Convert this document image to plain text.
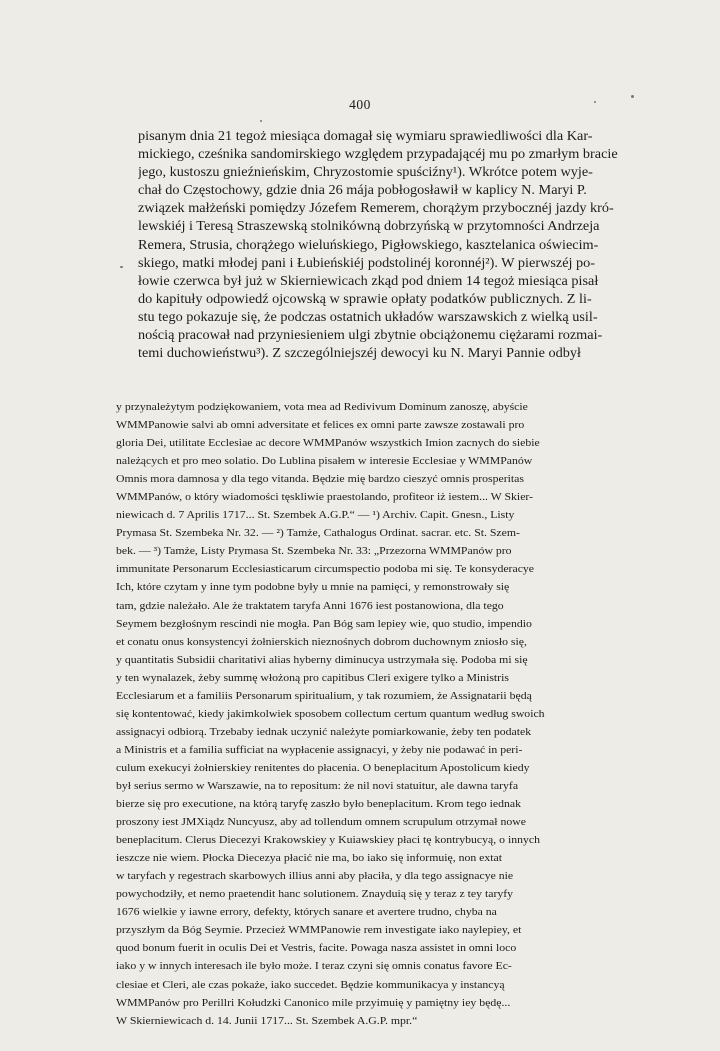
400
pisanym dnia 21 tegoż miesiąca domagał się wymiaru sprawiedliwości dla Kar-
mickiego, cześnika sandomirskiego względem przypadającéj mu po zmarłym bracie
jego, kustoszu gnieźnieńskim, Chryzostomie spuściźny¹). Wkrótce potem wyje-
chał do Częstochowy, gdzie dnia 26 mája pobłogosławił w kaplicy N. Maryi P.
związek małżeński pomiędzy Józefem Remerem, chorążym przybocznéj jazdy kró-
lewskiéj i Teresą Straszewską stolnikówną dobrzyńską w przytomności Andrzeja
Remera, Strusia, chorążego wieluńskiego, Pigłowskiego, kasztelanica oświecim-
skiego, matki młodej pani i Łubieńskiéj podstolinéj koronnéj²). W pierwszéj po-
łowie czerwca był już w Skierniewicach zkąd pod dniem 14 tegoż miesiąca pisał
do kapituły odpowiedź ojcowską w sprawie opłaty podatków publicznych. Z li-
stu tego pokazuje się, że podczas ostatnich układów warszawskich z wielką usil-
nością pracował nad przyniesieniem ulgi zbytnie obciążonemu ciężarami rozmai-
temi duchowieństwu³). Z szczególniejszéj dewocyi ku N. Maryi Pannie odbył
y przynależytym podziękowaniem, vota mea ad Redivivum Dominum zanoszę, abyście
WMMPanowie salvi ab omni adversitate et felices ex omni parte zawsze zostawali pro
gloria Dei, utilitate Ecclesiae ac decore WMMPanów wszystkich Imion zacnych do siebie
należących et pro meo solatio. Do Lublina pisałem w interesie Ecclesiae y WMMPanów
Omnis mora damnosa y dla tego vitanda. Będzie mię bardzo cieszyć omnis prosperitas
WMMPanów, o który wiadomości tęskliwie praestolando, profiteor iż iestem... W Skier-
niewicach d. 7 Aprilis 1717... St. Szembek A.G.P.“ — ¹) Archiv. Capit. Gnesn., Listy
Prymasa St. Szembeka Nr. 32. — ²) Tamże, Cathalogus Ordinat. sacrar. etc. St. Szem-
bek. — ³) Tamże, Listy Prymasa St. Szembeka Nr. 33: „Przezorna WMMPanów pro
immunitate Personarum Ecclesiasticarum circumspectio podoba mi się. Te konsyderacye
Ich, które czytam y inne tym podobne były u mnie na pamięci, y remonstrowały się
tam, gdzie należało. Ale że traktatem taryfa Anni 1676 iest postanowiona, dla tego
Seymem bezgłośnym rescindi nie mogła. Pan Bóg sam lepiey wie, quo studio, impendio
et conatu onus konsystencyi żołnierskich nieznośnych dobrom duchownym zniosło się,
y quantitatis Subsidii charitativi alias hyberny diminucya ustrzymała się. Podoba mi się
y ten wynalazek, żeby summę włożoną pro capitibus Cleri exigere tylko a Ministris
Ecclesiarum et a familiis Personarum spiritualium, y tak rozumiem, że Assignatarii będą
się kontentować, kiedy jakimkolwiek sposobem collectum certum quantum według swoich
assignacyi odbiorą. Trzebaby iednak uczynić należyte pomiarkowanie, żeby ten podatek
a Ministris et a familia sufficiat na wypłacenie assignacyi, y żeby nie podawać in peri-
culum exekucyi żołnierskiey renitentes do płacenia. O beneplacitum Apostolicum kiedy
był serius sermo w Warszawie, na to repositum: że nil novi statuitur, ale dawna taryfa
bierze się pro executione, na którą taryfę zaszło było beneplacitum. Krom tego iednak
proszony iest JMXiądz Nuncyusz, aby ad tollendum omnem scrupulum otrzymał nowe
beneplacitum. Clerus Diecezyi Krakowskiey y Kuiawskiey płaci tę kontrybucyą, o innych
ieszcze nie wiem. Płocka Diecezya płacić nie ma, bo iako się informuię, non extat
w taryfach y regestrach skarbowych illius anni aby płaciła, y dla tego assignacye nie
powychodziły, et nemo praetendit hanc solutionem. Znayduią się y teraz z tey taryfy
1676 wielkie y iawne errory, defekty, których sanare et avertere trudno, chyba na
przyszłym da Bóg Seymie. Przecież WMMPanowie rem investigate iako naylepiey, et
quod bonum fuerit in oculis Dei et Vestris, facite. Powaga nasza assistet in omni loco
iako y w innych interesach ile było może. I teraz czyni się omnis conatus favore Ec-
clesiae et Cleri, ale czas pokaże, iako succedet. Będzie kommunikacya y instancyą
WMMPanów pro Perillri Kołudzki Canonico mile przyimuię y pamiętny iey będę...
W Skierniewicach d. 14. Junii 1717... St. Szembek A.G.P. mpr.“
